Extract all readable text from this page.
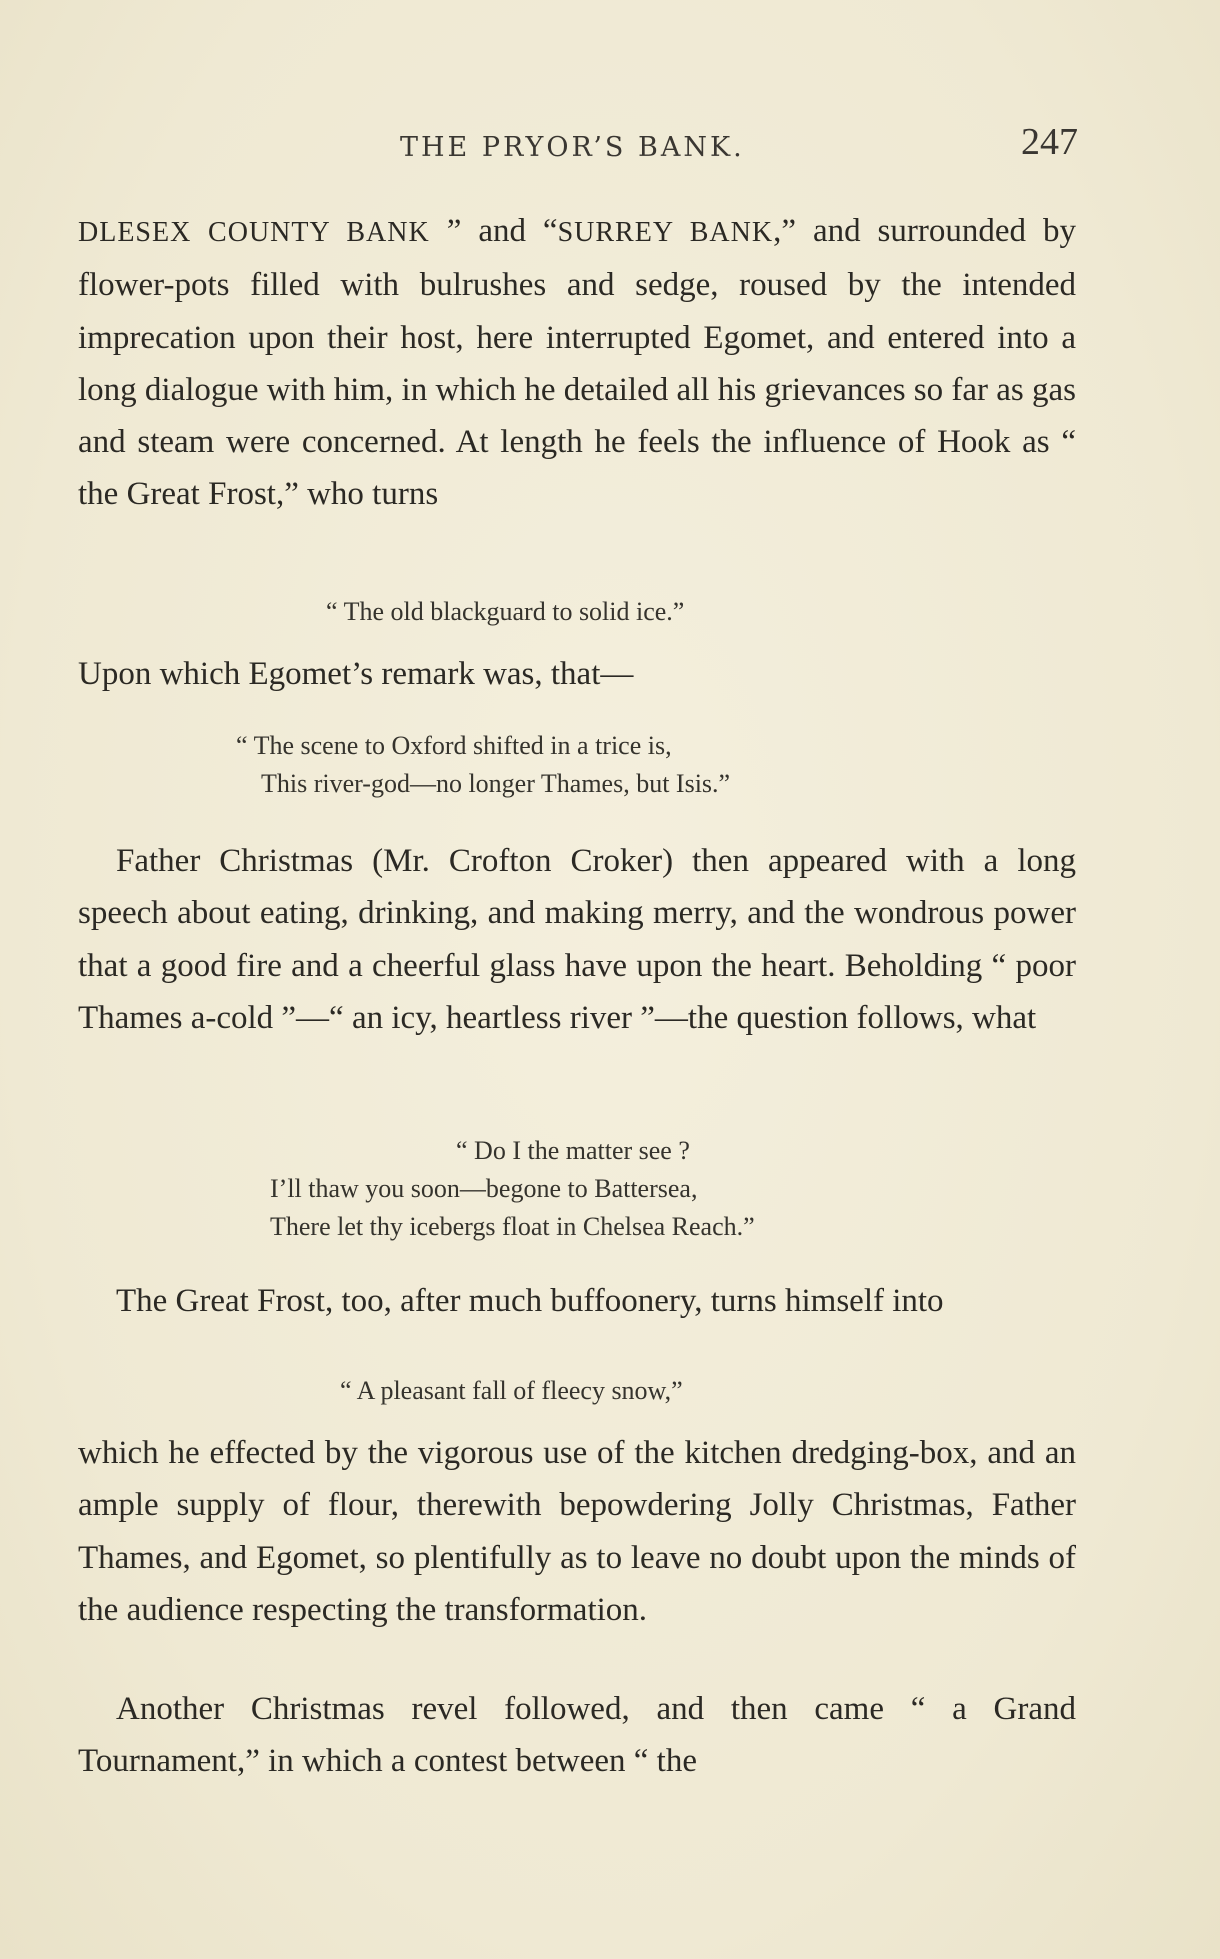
THE PRYOR’S BANK.	247

DLESEX COUNTY BANK ” and “SURREY BANK,” and surrounded by flower-pots filled with bulrushes and sedge, roused by the intended imprecation upon their host, here interrupted Egomet, and entered into a long dialogue with him, in which he detailed all his grievances so far as gas and steam were concerned. At length he feels the influence of Hook as “ the Great Frost,” who turns

“ The old blackguard to solid ice.”

Upon which Egomet’s remark was, that—

“ The scene to Oxford shifted in a trice is,

This river-god—no longer Thames, but Isis.”

Father Christmas (Mr. Crofton Croker) then appeared with a long speech about eating, drinking, and making merry, and the wondrous power that a good fire and a cheerful glass have upon the heart. Beholding “ poor Thames a-cold ”—“ an icy, heartless river ”—the question follows, what

“ Do I the matter see ?

I’ll thaw you soon—begone to Battersea,

There let thy icebergs float in Chelsea Reach.”

The Great Frost, too, after much buffoonery, turns himself into

“ A pleasant fall of fleecy snow,”

which he effected by the vigorous use of the kitchen dredging-box, and an ample supply of flour, therewith bepowdering Jolly Christmas, Father Thames, and Egomet, so plentifully as to leave no doubt upon the minds of the audience respecting the transformation.

Another Christmas revel followed, and then came “ a Grand Tournament,” in which a contest between “ the
